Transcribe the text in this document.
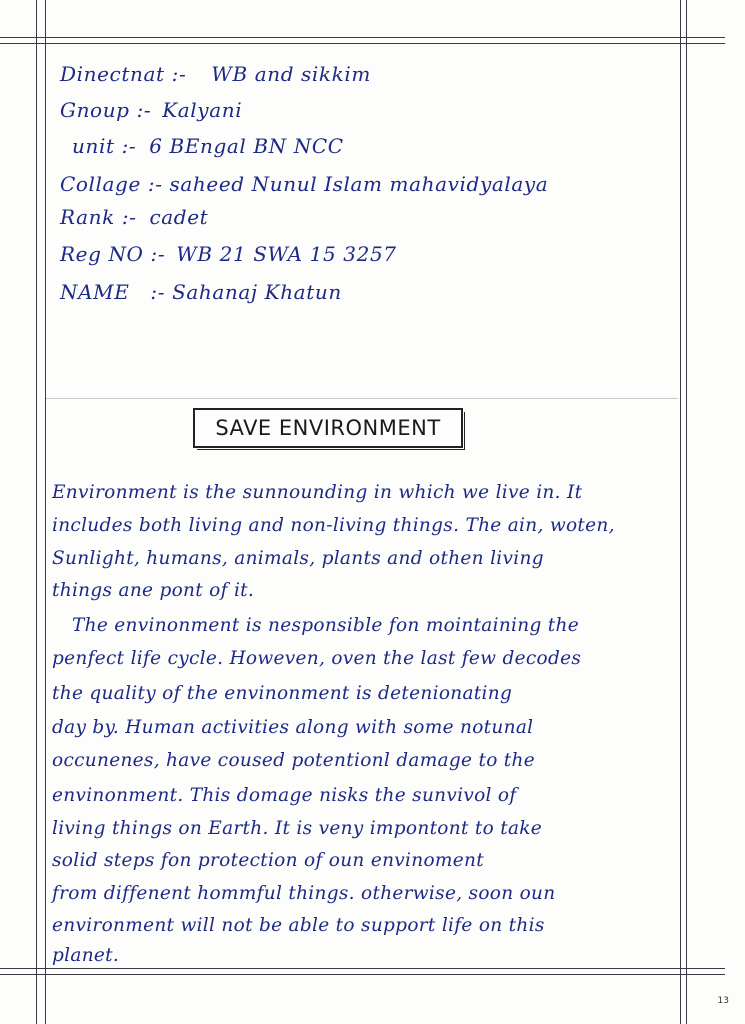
Dinectnat :- WB and sikkim
Gnoup :- Kalyani
unit :- 6 BEngal BN NCC
Collage :- saheed Nunul Islam mahavidyalaya
Rank :- cadet
Reg NO :- WB 21 SWA 15 3257
NAME :- Sahanaj Khatun
SAVE ENVIRONMENT
Environment is the sunnounding in which we live in. It
includes both living and non-living things. The ain, woten,
Sunlight, humans, animals, plants and othen living
things ane pont of it.
The envinonment is nesponsible fon mointaining the
penfect life cycle. Howeven, oven the last few decodes
the quality of the envinonment is detenionating
day by. Human activities along with some notunal
occunenes, have coused potentionl damage to the
envinonment. This domage nisks the sunvivol of
living things on Earth. It is veny impontont to take
solid steps fon protection of oun envinoment
from diffenent hommful things. otherwise, soon oun
environment will not be able to support life on this
planet.
13
